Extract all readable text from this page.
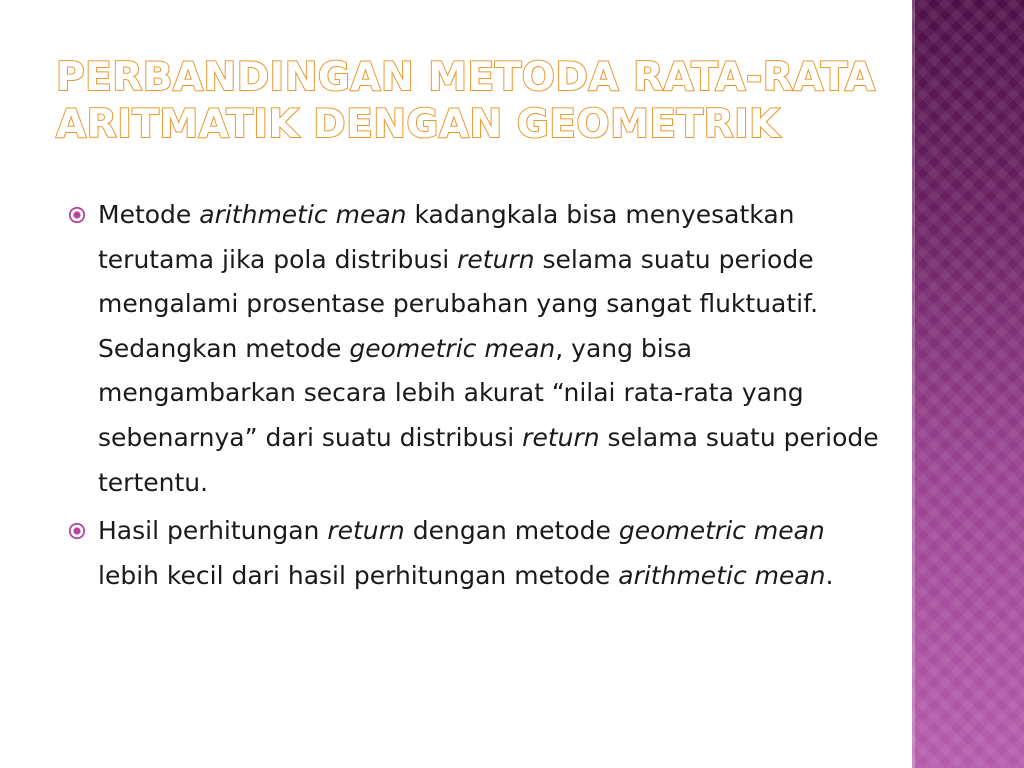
PERBANDINGAN METODA RATA-RATA
ARITMATIK DENGAN GEOMETRIK
Metode arithmetic mean kadangkala bisa menyesatkan terutama jika pola distribusi return selama suatu periode mengalami prosentase perubahan yang sangat fluktuatif. Sedangkan metode geometric mean, yang bisa mengambarkan secara lebih akurat “nilai rata-rata yang sebenarnya” dari suatu distribusi return selama suatu periode tertentu.
Hasil perhitungan return dengan metode geometric mean lebih kecil dari hasil perhitungan metode arithmetic mean.
